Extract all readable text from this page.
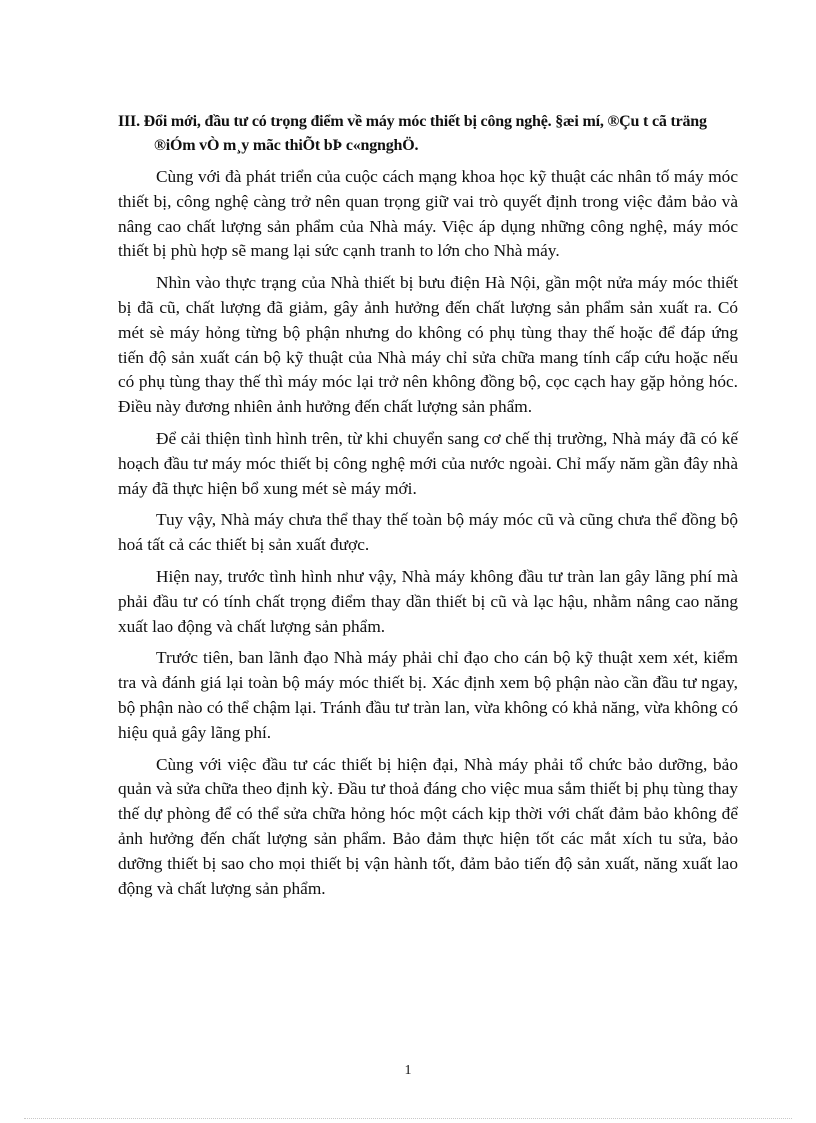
III. Đổi mới, đầu tư có trọng điểm về máy móc thiết bị công nghệ. §æi mí, ®Çu t cã träng
®iÓm vÒ m¸y mãc thiÕt bÞ c«ngnghÖ.

Cùng với đà phát triển của cuộc cách mạng khoa học kỹ thuật các nhân tố máy móc thiết bị, công nghệ càng trở nên quan trọng giữ vai trò quyết định trong việc đảm bảo và nâng cao chất lượng sản phẩm của Nhà máy. Việc áp dụng những công nghệ, máy móc thiết bị phù hợp sẽ mang lại sức cạnh tranh to lớn cho Nhà máy.

Nhìn vào thực trạng của Nhà thiết bị bưu điện Hà Nội, gần một nửa máy móc thiết bị đã cũ, chất lượng đã giảm, gây ảnh hưởng đến chất lượng sản phẩm sản xuất ra. Có mét sè máy hỏng từng bộ phận nhưng do không có phụ tùng thay thế hoặc để đáp ứng tiến độ sản xuất cán bộ kỹ thuật của Nhà máy chỉ sửa chữa mang tính cấp cứu hoặc nếu có phụ tùng thay thế thì máy móc lại trở nên không đồng bộ, cọc cạch hay gặp hỏng hóc. Điều này đương nhiên ảnh hưởng đến chất lượng sản phẩm.

Để cải thiện tình hình trên, từ khi chuyển sang cơ chế thị trường, Nhà máy đã có kế hoạch đầu tư máy móc thiết bị công nghệ mới của nước ngoài. Chỉ mấy năm gần đây nhà máy đã thực hiện bổ xung mét sè máy mới.

Tuy vậy, Nhà máy chưa thể thay thế toàn bộ máy móc cũ và cũng chưa thể đồng bộ hoá tất cả các thiết bị sản xuất được.

Hiện nay, trước tình hình như vậy, Nhà máy không đầu tư tràn lan gây lãng phí mà phải đầu tư có tính chất trọng điểm thay dần thiết bị cũ và lạc hậu, nhằm nâng cao năng xuất lao động và chất lượng sản phẩm.

Trước tiên, ban lãnh đạo Nhà máy phải chỉ đạo cho cán bộ kỹ thuật xem xét, kiểm tra và đánh giá lại toàn bộ máy móc thiết bị. Xác định xem bộ phận nào cần đầu tư ngay, bộ phận nào có thể chậm lại. Tránh đầu tư tràn lan, vừa không có khả năng, vừa không có hiệu quả gây lãng phí.

Cùng với việc đầu tư các thiết bị hiện đại, Nhà máy phải tổ chức bảo dưỡng, bảo quản và sửa chữa theo định kỳ. Đầu tư thoả đáng cho việc mua sắm thiết bị phụ tùng thay thế dự phòng để có thể sửa chữa hỏng hóc một cách kịp thời với chất đảm bảo không để ảnh hưởng đến chất lượng sản phẩm. Bảo đảm thực hiện tốt các mắt xích tu sửa, bảo dưỡng thiết bị sao cho mọi thiết bị vận hành tốt, đảm bảo tiến độ sản xuất, năng xuất lao động và chất lượng sản phẩm.

1
